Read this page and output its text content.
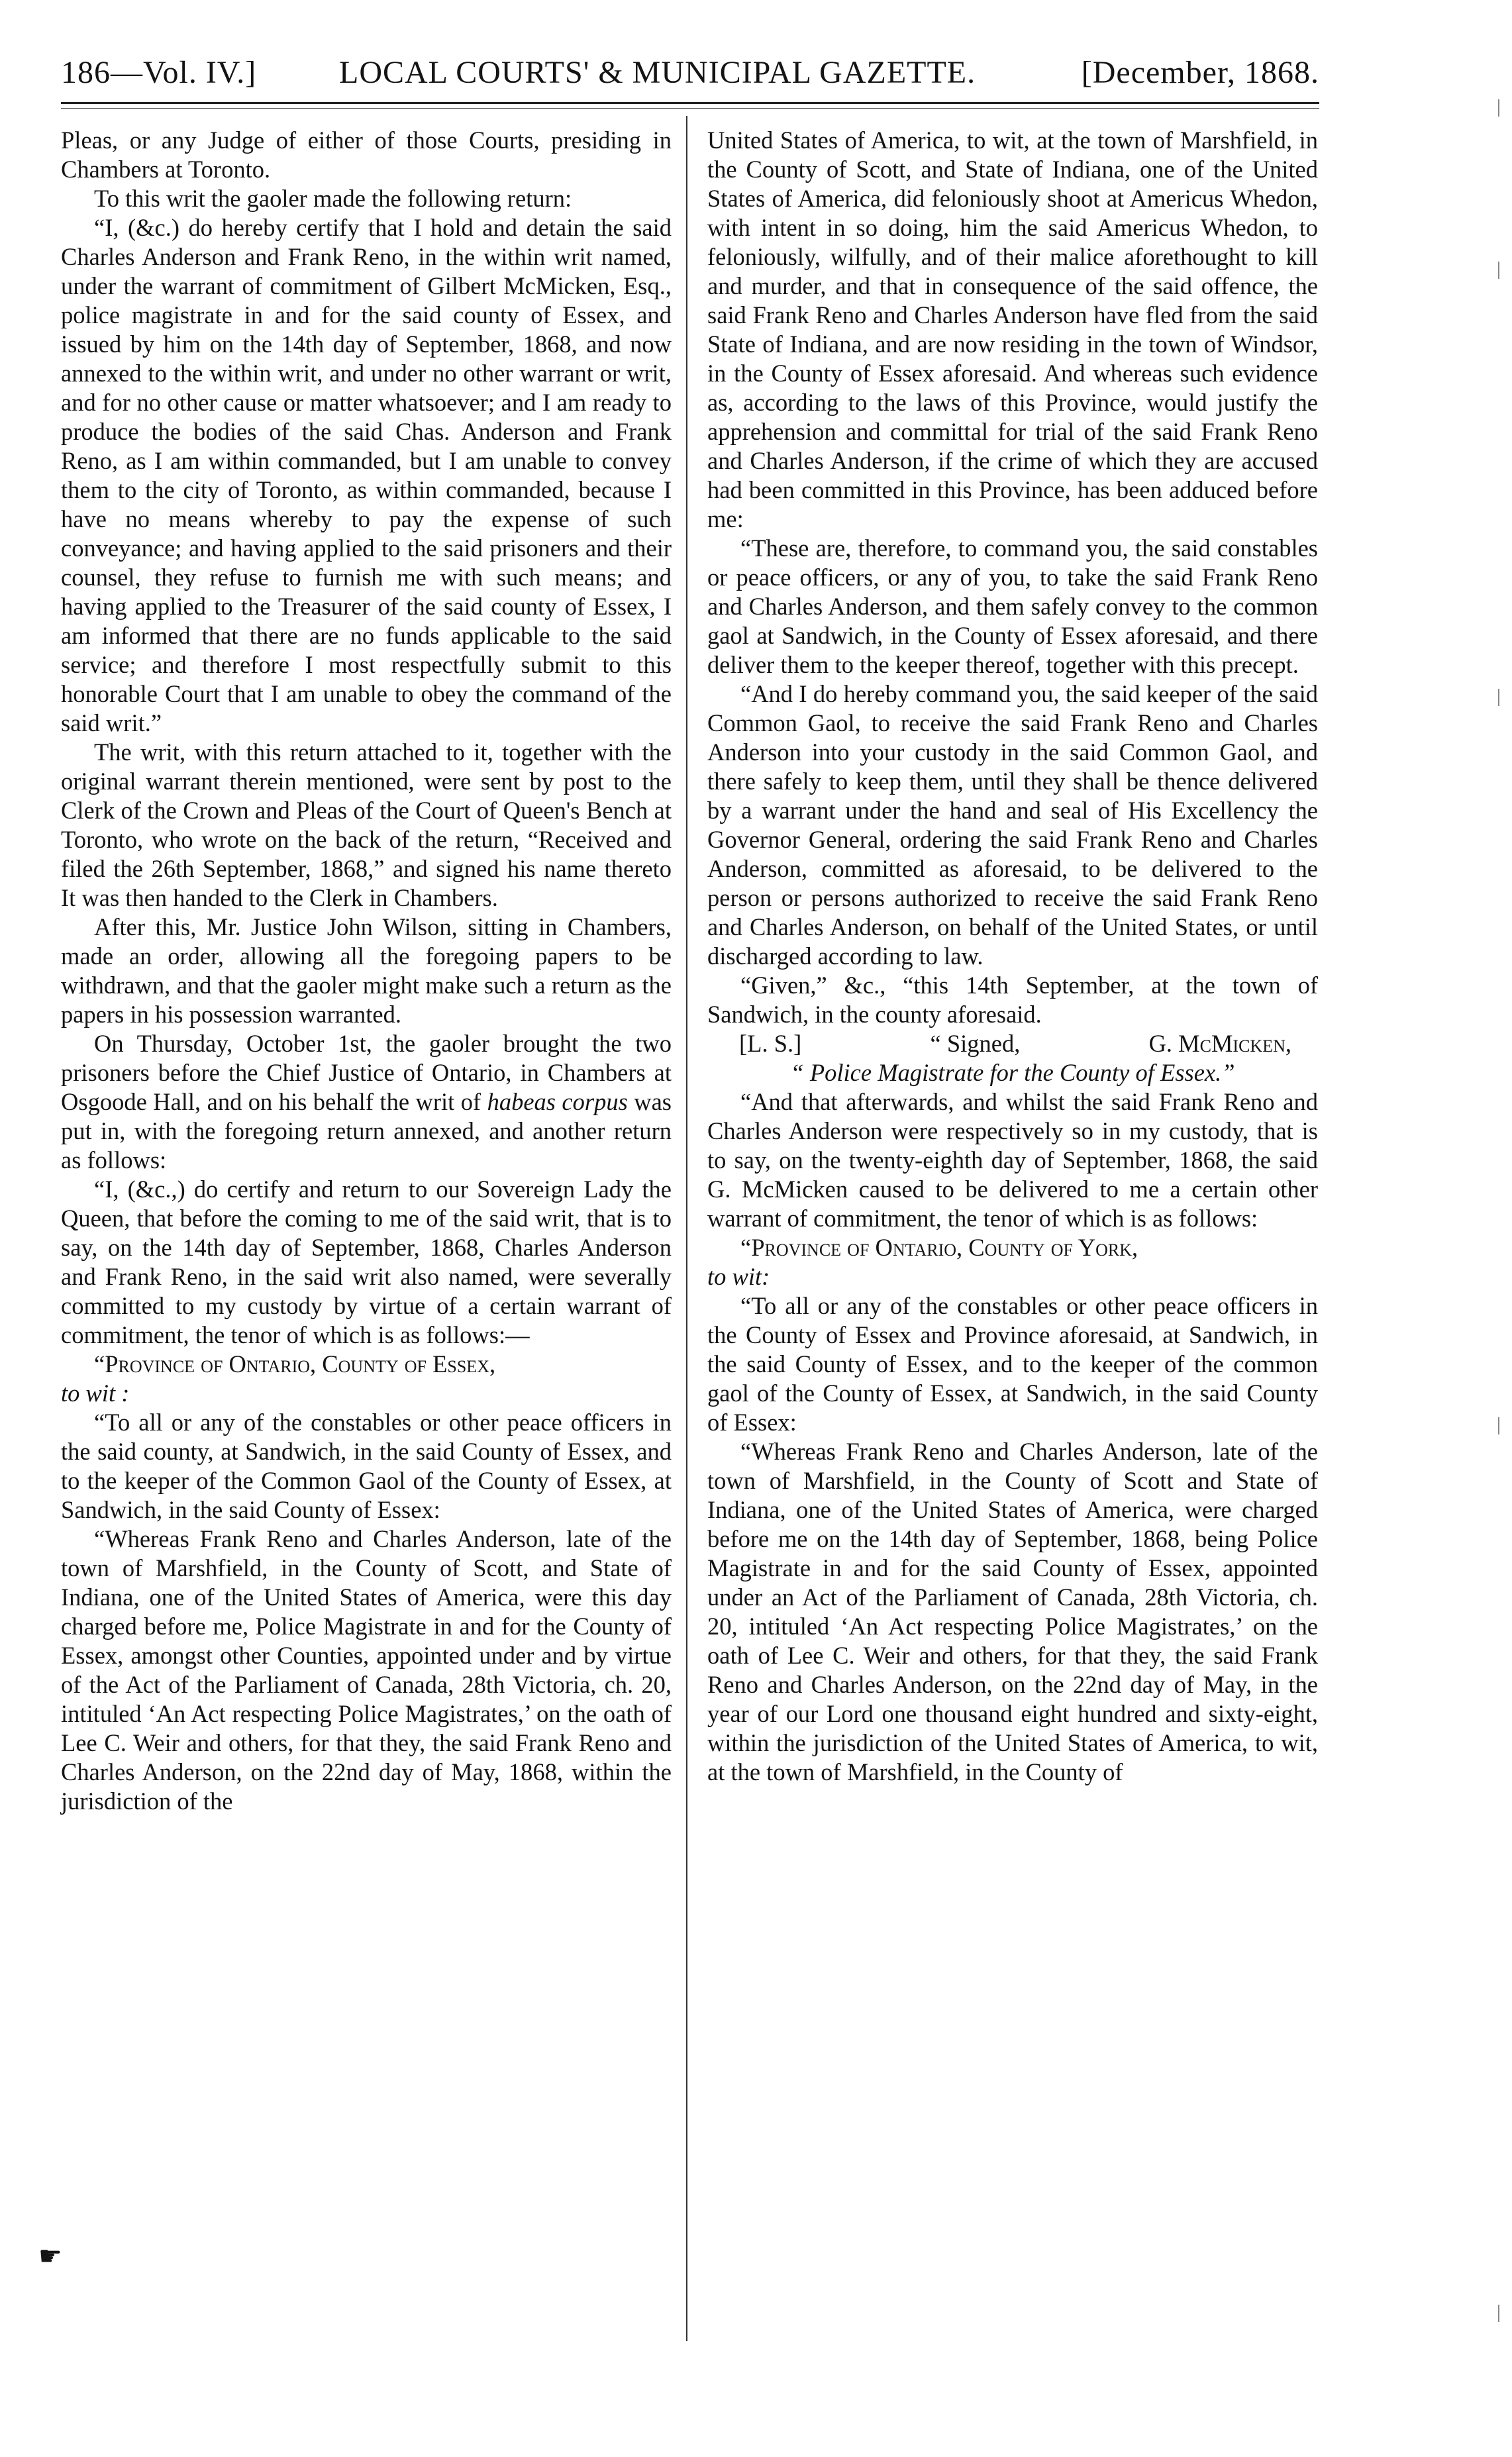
186—Vol. IV.]	LOCAL COURTS' & MUNICIPAL GAZETTE.	[December, 1868.

Pleas, or any Judge of either of those Courts, presiding in Chambers at Toronto.

To this writ the gaoler made the following return:

“I, (&c.) do hereby certify that I hold and detain the said Charles Anderson and Frank Reno, in the within writ named, under the warrant of commitment of Gilbert McMicken, Esq., police magistrate in and for the said county of Essex, and issued by him on the 14th day of September, 1868, and now annexed to the within writ, and under no other warrant or writ, and for no other cause or matter whatsoever; and I am ready to produce the bodies of the said Chas. Anderson and Frank Reno, as I am within commanded, but I am unable to convey them to the city of Toronto, as within commanded, because I have no means whereby to pay the expense of such conveyance; and having applied to the said prisoners and their counsel, they refuse to furnish me with such means; and having applied to the Treasurer of the said county of Essex, I am informed that there are no funds applicable to the said service; and therefore I most respectfully submit to this honorable Court that I am unable to obey the command of the said writ.”

The writ, with this return attached to it, together with the original warrant therein mentioned, were sent by post to the Clerk of the Crown and Pleas of the Court of Queen's Bench at Toronto, who wrote on the back of the return, “Received and filed the 26th September, 1868,” and signed his name thereto It was then handed to the Clerk in Chambers.

After this, Mr. Justice John Wilson, sitting in Chambers, made an order, allowing all the foregoing papers to be withdrawn, and that the gaoler might make such a return as the papers in his possession warranted.

On Thursday, October 1st, the gaoler brought the two prisoners before the Chief Justice of Ontario, in Chambers at Osgoode Hall, and on his behalf the writ of habeas corpus was put in, with the foregoing return annexed, and another return as follows:

“I, (&c.,) do certify and return to our Sovereign Lady the Queen, that before the coming to me of the said writ, that is to say, on the 14th day of September, 1868, Charles Anderson and Frank Reno, in the said writ also named, were severally committed to my custody by virtue of a certain warrant of commitment, the tenor of which is as follows:—

“Province of Ontario, County of Essex,

to wit :

“To all or any of the constables or other peace officers in the said county, at Sandwich, in the said County of Essex, and to the keeper of the Common Gaol of the County of Essex, at Sandwich, in the said County of Essex:

“Whereas Frank Reno and Charles Anderson, late of the town of Marshfield, in the County of Scott, and State of Indiana, one of the United States of America, were this day charged before me, Police Magistrate in and for the County of Essex, amongst other Counties, appointed under and by virtue of the Act of the Parliament of Canada, 28th Victoria, ch. 20, intituled ‘An Act respecting Police Magistrates,’ on the oath of Lee C. Weir and others, for that they, the said Frank Reno and Charles Anderson, on the 22nd day of May, 1868, within the jurisdiction of the

United States of America, to wit, at the town of Marshfield, in the County of Scott, and State of Indiana, one of the United States of America, did feloniously shoot at Americus Whedon, with intent in so doing, him the said Americus Whedon, to feloniously, wilfully, and of their malice aforethought to kill and murder, and that in consequence of the said offence, the said Frank Reno and Charles Anderson have fled from the said State of Indiana, and are now residing in the town of Windsor, in the County of Essex aforesaid. And whereas such evidence as, according to the laws of this Province, would justify the apprehension and committal for trial of the said Frank Reno and Charles Anderson, if the crime of which they are accused had been committed in this Province, has been adduced before me:

“These are, therefore, to command you, the said constables or peace officers, or any of you, to take the said Frank Reno and Charles Anderson, and them safely convey to the common gaol at Sandwich, in the County of Essex aforesaid, and there deliver them to the keeper thereof, together with this precept.

“And I do hereby command you, the said keeper of the said Common Gaol, to receive the said Frank Reno and Charles Anderson into your custody in the said Common Gaol, and there safely to keep them, until they shall be thence delivered by a warrant under the hand and seal of His Excellency the Governor General, ordering the said Frank Reno and Charles Anderson, committed as aforesaid, to be delivered to the person or persons authorized to receive the said Frank Reno and Charles Anderson, on behalf of the United States, or until discharged according to law.

“Given,” &c., “this 14th September, at the town of Sandwich, in the county aforesaid.

[L. S.]	“ Signed,	G. McMicken,

“ Police Magistrate for the County of Essex.”

“And that afterwards, and whilst the said Frank Reno and Charles Anderson were respectively so in my custody, that is to say, on the twenty-eighth day of September, 1868, the said G. McMicken caused to be delivered to me a certain other warrant of commitment, the tenor of which is as follows:

“Province of Ontario, County of York,

to wit:

“To all or any of the constables or other peace officers in the County of Essex and Province aforesaid, at Sandwich, in the said County of Essex, and to the keeper of the common gaol of the County of Essex, at Sandwich, in the said County of Essex:

“Whereas Frank Reno and Charles Anderson, late of the town of Marshfield, in the County of Scott and State of Indiana, one of the United States of America, were charged before me on the 14th day of September, 1868, being Police Magistrate in and for the said County of Essex, appointed under an Act of the Parliament of Canada, 28th Victoria, ch. 20, intituled ‘An Act respecting Police Magistrates,’ on the oath of Lee C. Weir and others, for that they, the said Frank Reno and Charles Anderson, on the 22nd day of May, in the year of our Lord one thousand eight hundred and sixty-eight, within the jurisdiction of the United States of America, to wit, at the town of Marshfield, in the County of

☛
